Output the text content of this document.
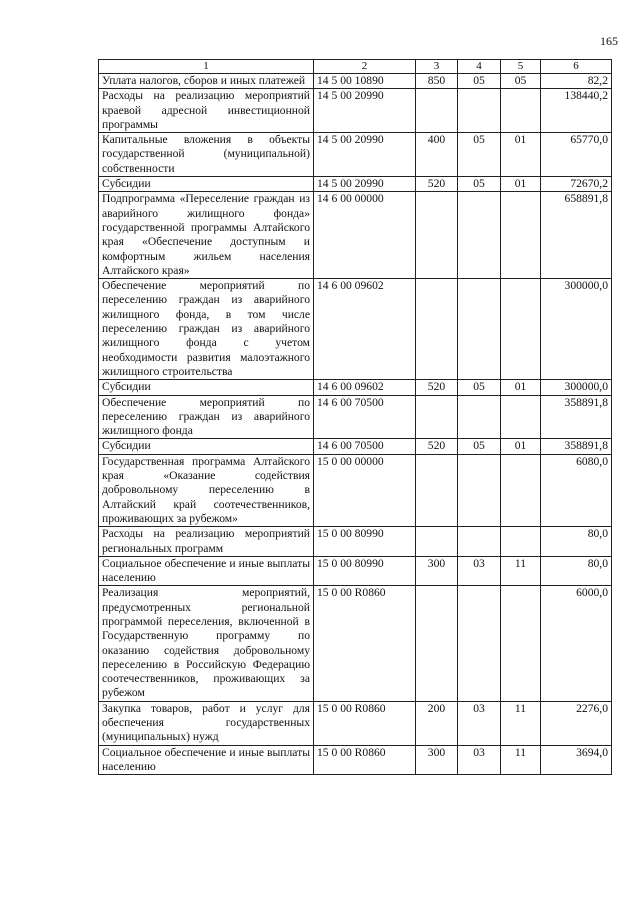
165
1	2	3	4	5	6
Уплата налогов, сборов и иных платежей	14 5 00 10890	850	05	05	82,2
Расходы на реализацию мероприятий краевой адресной инвестиционной программы	14 5 00 20990				138440,2
Капитальные вложения в объекты государственной (муниципальной) собственности	14 5 00 20990	400	05	01	65770,0
Субсидии	14 5 00 20990	520	05	01	72670,2
Подпрограмма «Переселение граждан из аварийного жилищного фонда» государственной программы Алтайского края «Обеспечение доступным и комфортным жильем населения Алтайского края»	14 6 00 00000				658891,8
Обеспечение мероприятий по переселению граждан из аварийного жилищного фонда, в том числе переселению граждан из аварийного жилищного фонда с учетом необходимости развития малоэтажного жилищного строительства	14 6 00 09602				300000,0
Субсидии	14 6 00 09602	520	05	01	300000,0
Обеспечение мероприятий по переселению граждан из аварийного жилищного фонда	14 6 00 70500				358891,8
Субсидии	14 6 00 70500	520	05	01	358891,8
Государственная программа Алтайского края «Оказание содействия добровольному переселению в Алтайский край соотечественников, проживающих за рубежом»	15 0 00 00000				6080,0
Расходы на реализацию мероприятий региональных программ	15 0 00 80990				80,0
Социальное обеспечение и иные выплаты населению	15 0 00 80990	300	03	11	80,0
Реализация мероприятий, предусмотренных региональной программой переселения, включенной в Государственную программу по оказанию содействия добровольному переселению в Российскую Федерацию соотечественников, проживающих за рубежом	15 0 00 R0860				6000,0
Закупка товаров, работ и услуг для обеспечения государственных (муниципальных) нужд	15 0 00 R0860	200	03	11	2276,0
Социальное обеспечение и иные выплаты населению	15 0 00 R0860	300	03	11	3694,0
